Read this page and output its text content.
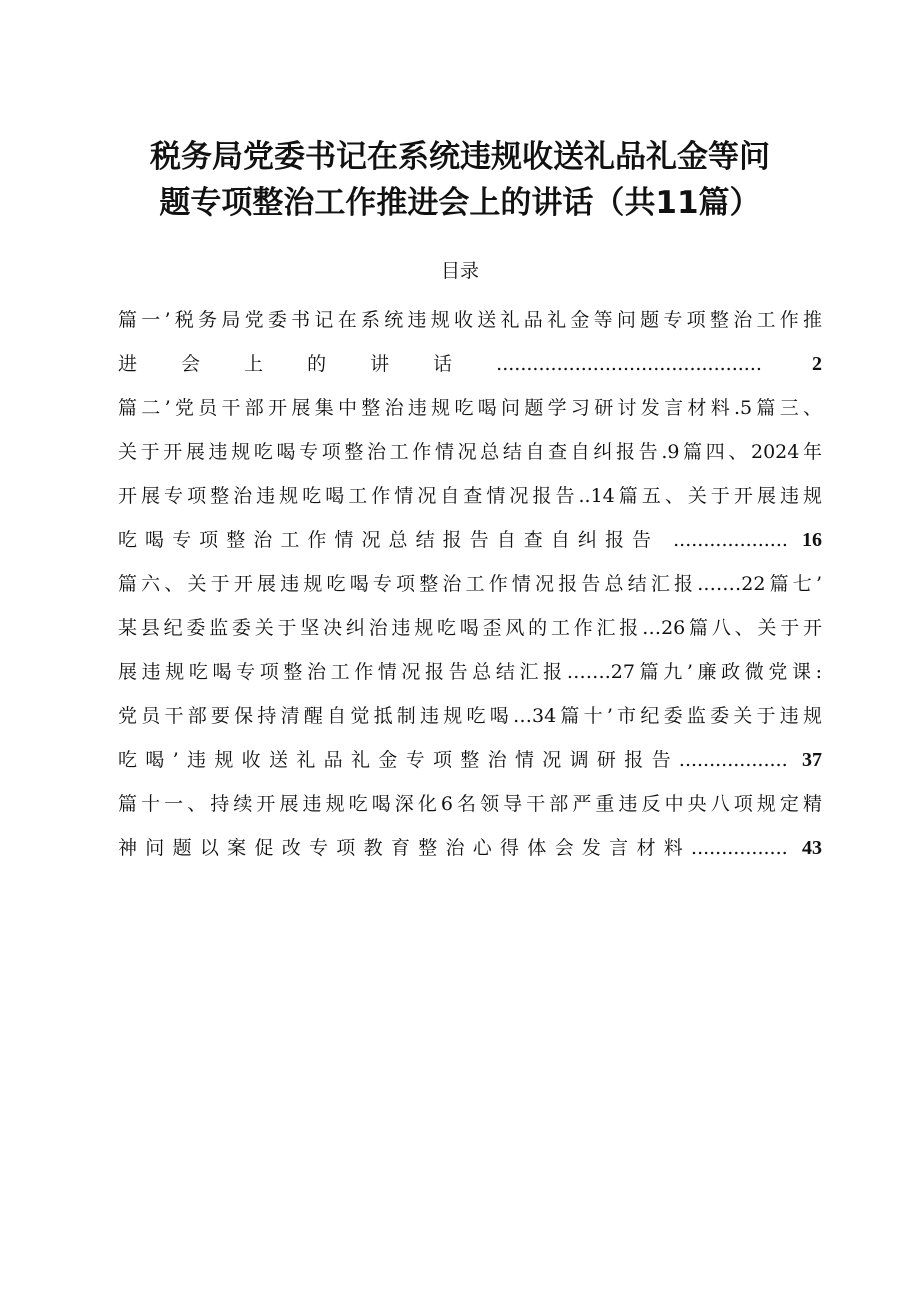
税务局党委书记在系统违规收送礼品礼金等问
题专项整治工作推进会上的讲话（共11篇）
目录
篇一’税务局党委书记在系统违规收送礼品礼金等问题专项整治工作推
进会上的讲话............................................	2
篇二’党员干部开展集中整治违规吃喝问题学习研讨发言材料.5篇三、
关于开展违规吃喝专项整治工作情况总结自查自纠报告.9篇四、2024年
开展专项整治违规吃喝工作情况自查情况报告..14篇五、关于开展违规
吃喝专项整治工作情况总结报告自查自纠报告 ................... 16
篇六、关于开展违规吃喝专项整治工作情况报告总结汇报.……22篇七’
某县纪委监委关于坚决纠治违规吃喝歪风的工作汇报…26篇八、关于开
展违规吃喝专项整治工作情况报告总结汇报…….27篇九’廉政微党课:
党员干部要保持清醒自觉抵制违规吃喝…34篇十’市纪委监委关于违规
吃喝’违规收送礼品礼金专项整治情况调研报告.................. 37
篇十一、持续开展违规吃喝深化6名领导干部严重违反中央八项规定精
神问题以案促改专项教育整治心得体会发言材料................ 43
